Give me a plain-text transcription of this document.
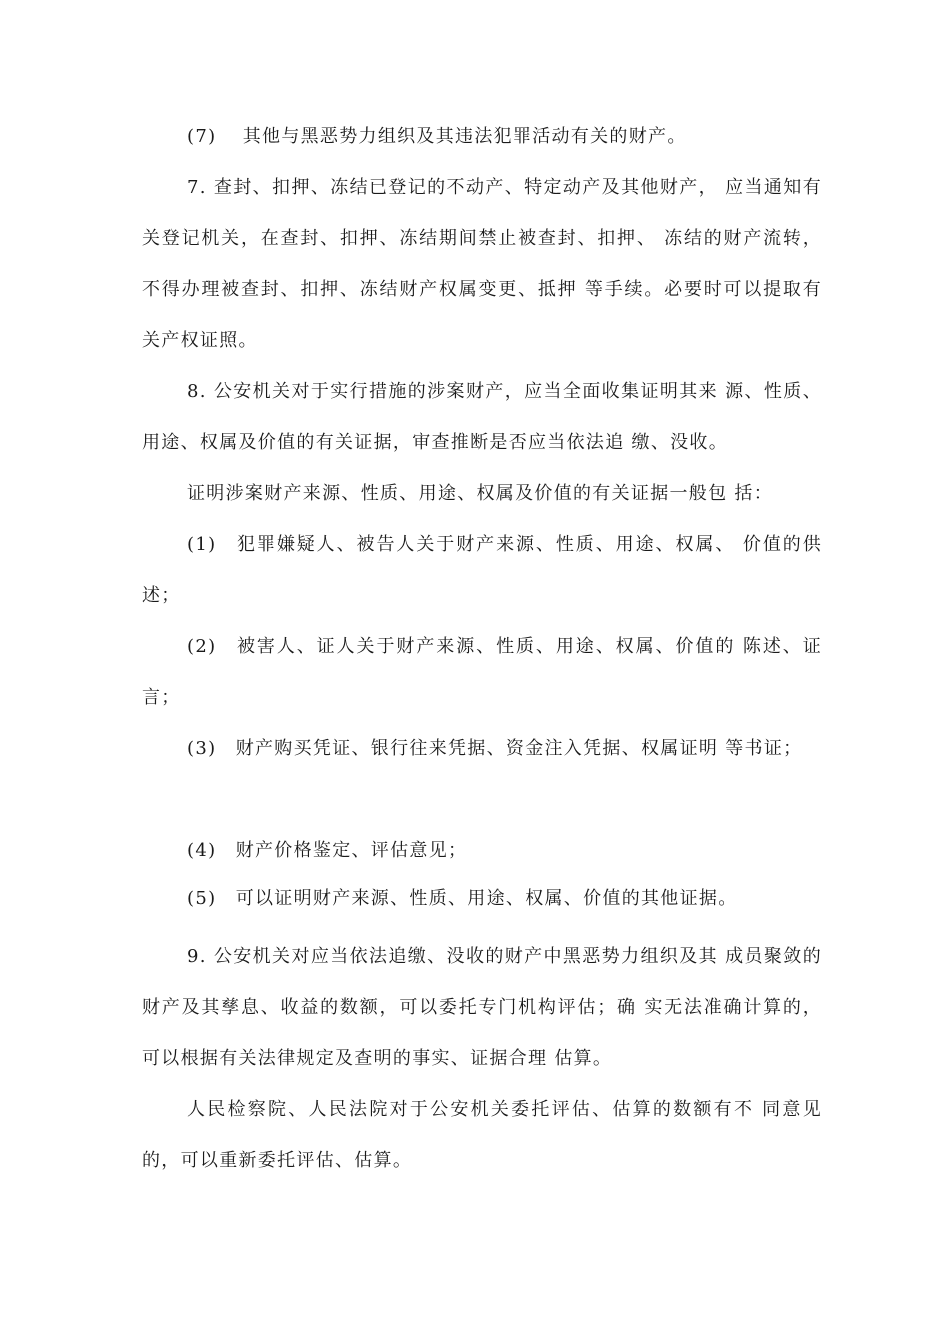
(7)　 其他与黑恶势力组织及其违法犯罪活动有关的财产。

7. 查封、扣押、冻结已登记的不动产、特定动产及其他财产， 应当通知有关登记机关，在查封、扣押、冻结期间禁止被查封、扣押、 冻结的财产流转，不得办理被查封、扣押、冻结财产权属变更、抵押 等手续。必要时可以提取有关产权证照。

8. 公安机关对于实行措施的涉案财产，应当全面收集证明其来 源、性质、用途、权属及价值的有关证据，审查推断是否应当依法追 缴、没收。

证明涉案财产来源、性质、用途、权属及价值的有关证据一般包 括：

(1)　犯罪嫌疑人、被告人关于财产来源、性质、用途、权属、 价值的供述；

(2)　被害人、证人关于财产来源、性质、用途、权属、价值的 陈述、证言；

(3)　财产购买凭证、银行往来凭据、资金注入凭据、权属证明 等书证；

(4)　财产价格鉴定、评估意见；

(5)　可以证明财产来源、性质、用途、权属、价值的其他证据。

9. 公安机关对应当依法追缴、没收的财产中黑恶势力组织及其 成员聚敛的财产及其孳息、收益的数额，可以委托专门机构评估；确 实无法准确计算的，可以根据有关法律规定及查明的事实、证据合理 估算。

人民检察院、人民法院对于公安机关委托评估、估算的数额有不 同意见的，可以重新委托评估、估算。
